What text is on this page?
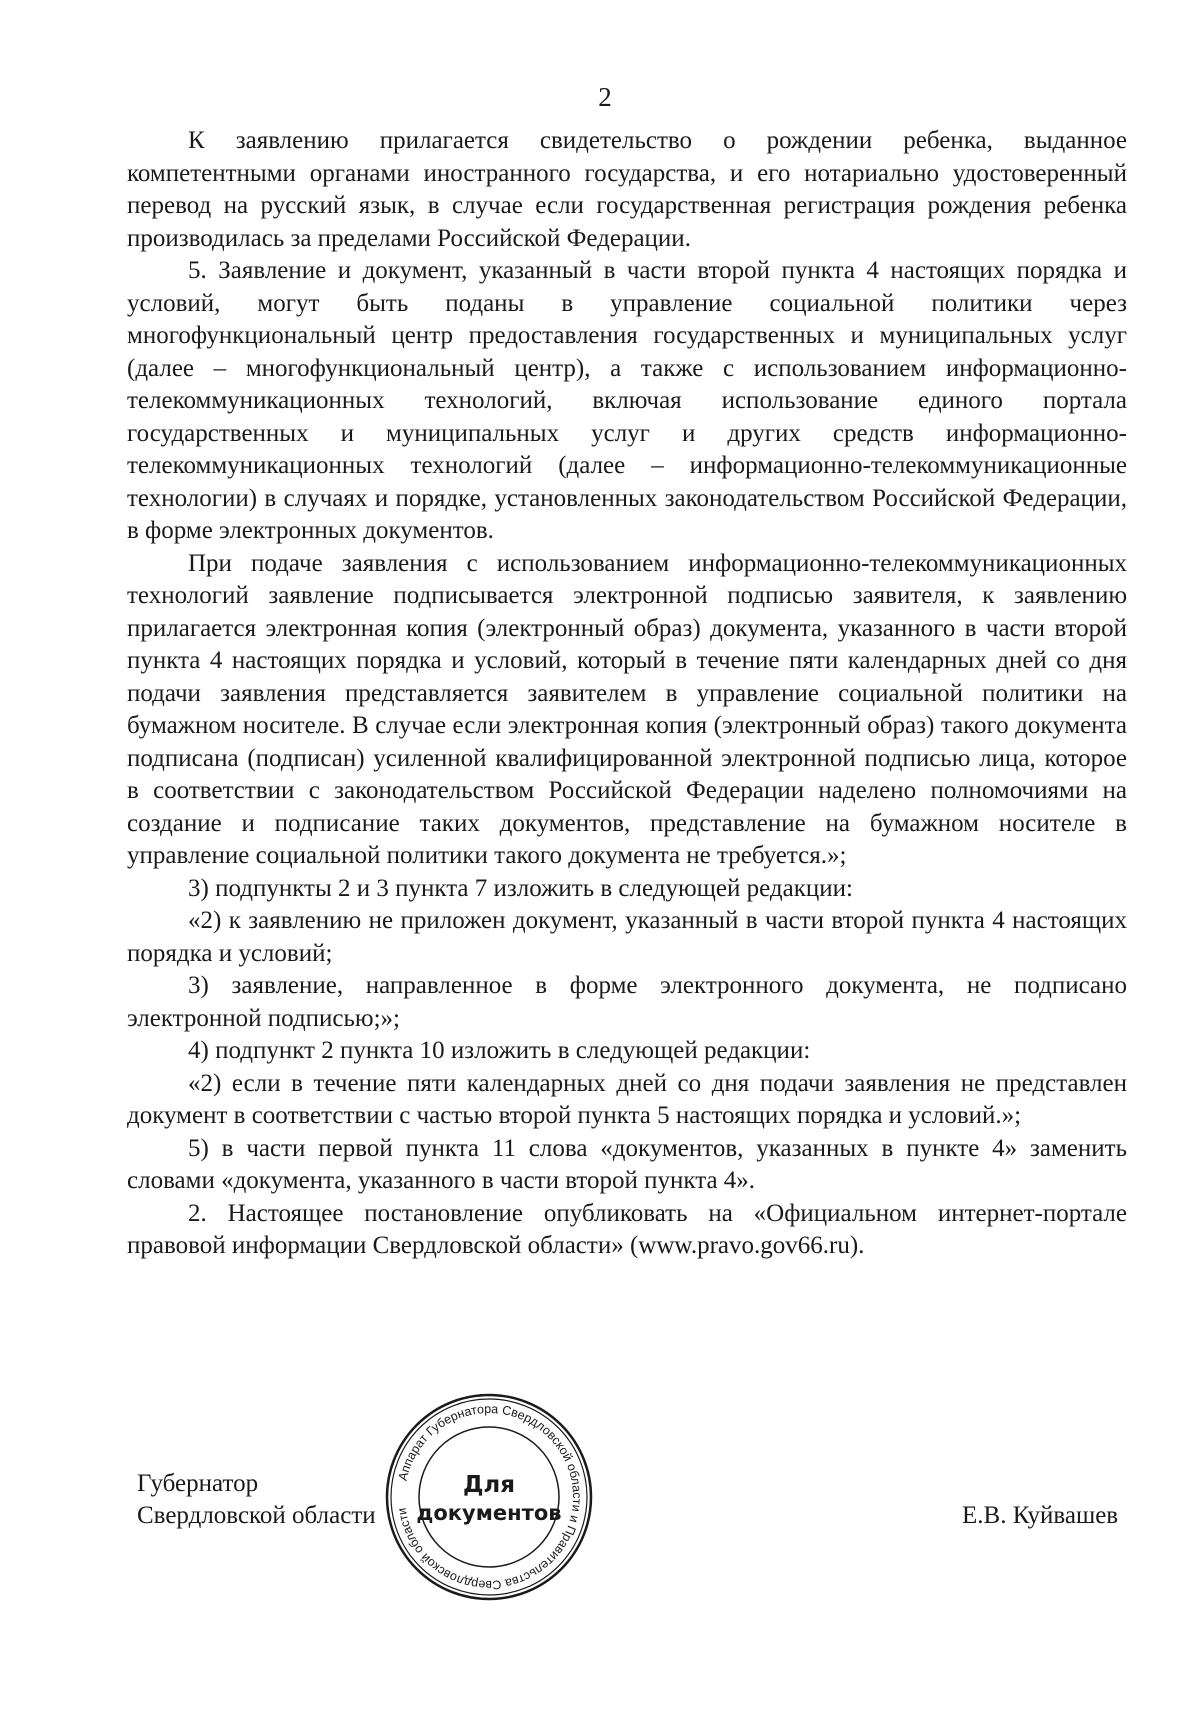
2

К заявлению прилагается свидетельство о рождении ребенка, выданное компетентными органами иностранного государства, и его нотариально удостоверенный перевод на русский язык, в случае если государственная регистрация рождения ребенка производилась за пределами Российской Федерации.

5. Заявление и документ, указанный в части второй пункта 4 настоящих порядка и условий, могут быть поданы в управление социальной политики через многофункциональный центр предоставления государственных и муниципальных услуг (далее – многофункциональный центр), а также с использованием информационно-телекоммуникационных технологий, включая использование единого портала государственных и муниципальных услуг и других средств информационно-телекоммуникационных технологий (далее – информационно-телекоммуникационные технологии) в случаях и порядке, установленных законодательством Российской Федерации, в форме электронных документов.

При подаче заявления с использованием информационно-телекоммуникационных технологий заявление подписывается электронной подписью заявителя, к заявлению прилагается электронная копия (электронный образ) документа, указанного в части второй пункта 4 настоящих порядка и условий, который в течение пяти календарных дней со дня подачи заявления представляется заявителем в управление социальной политики на бумажном носителе. В случае если электронная копия (электронный образ) такого документа подписана (подписан) усиленной квалифицированной электронной подписью лица, которое в соответствии с законодательством Российской Федерации наделено полномочиями на создание и подписание таких документов, представление на бумажном носителе в управление социальной политики такого документа не требуется.»;

3) подпункты 2 и 3 пункта 7 изложить в следующей редакции:

«2) к заявлению не приложен документ, указанный в части второй пункта 4 настоящих порядка и условий;

3) заявление, направленное в форме электронного документа, не подписано электронной подписью;»;

4) подпункт 2 пункта 10 изложить в следующей редакции:

«2) если в течение пяти календарных дней со дня подачи заявления не представлен документ в соответствии с частью второй пункта 5 настоящих порядка и условий.»;

5) в части первой пункта 11 слова «документов, указанных в пункте 4» заменить словами «документа, указанного в части второй пункта 4».

2. Настоящее постановление опубликовать на «Официальном интернет-портале правовой информации Свердловской области» (www.pravo.gov66.ru).

Губернатор
Свердловской области	Е.В. Куйвашев
Аппарат Губернатора Свердловской области и Правительства Свердловской области
Для
документов
